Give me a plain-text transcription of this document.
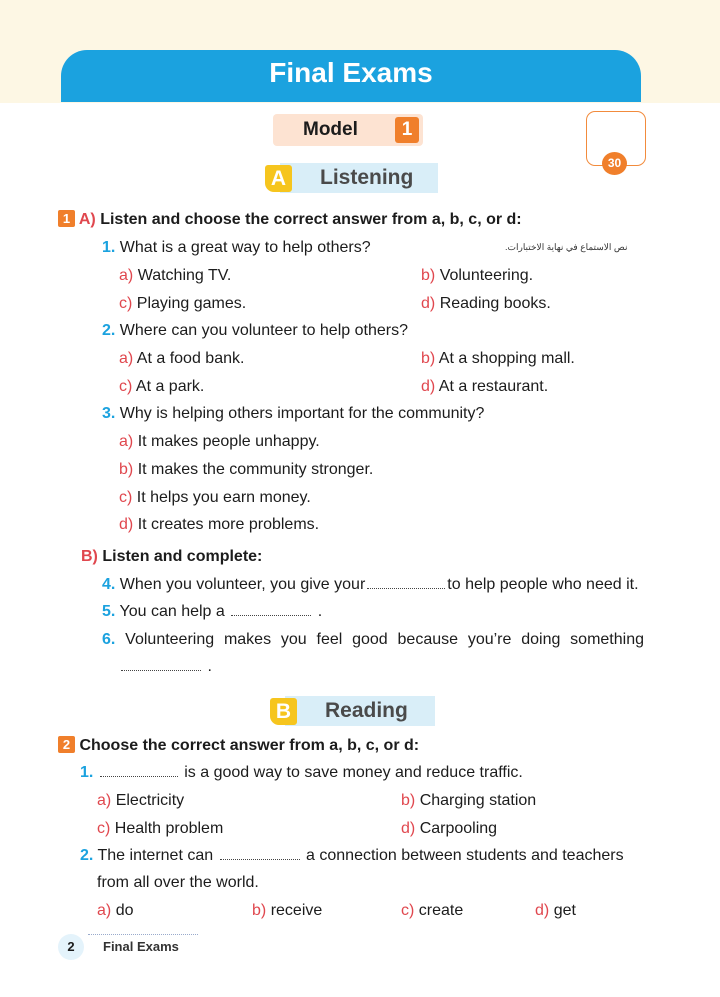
Final Exams
Model	1
30
A Listening
1 A) Listen and choose the correct answer from a, b, c, or d:
نص الاستماع في نهاية الاختبارات.
1. What is a great way to help others?
a) Watching TV.	b) Volunteering.
c) Playing games.	d) Reading books.
2. Where can you volunteer to help others?
a) At a food bank.	b) At a shopping mall.
c) At a park.	d) At a restaurant.
3. Why is helping others important for the community?
a) It makes people unhappy.
b) It makes the community stronger.
c) It helps you earn money.
d) It creates more problems.
B) Listen and complete:
4. When you volunteer, you give your	to help people who need it.
5. You can help a	.
6. Volunteering makes you feel good because you’re doing something
.
B Reading
2 Choose the correct answer from a, b, c, or d:
1.	is a good way to save money and reduce traffic.
a) Electricity	b) Charging station
c) Health problem	d) Carpooling
2. The internet can	a connection between students and teachers
from all over the world.
a) do	b) receive	c) create	d) get
2	Final Exams
